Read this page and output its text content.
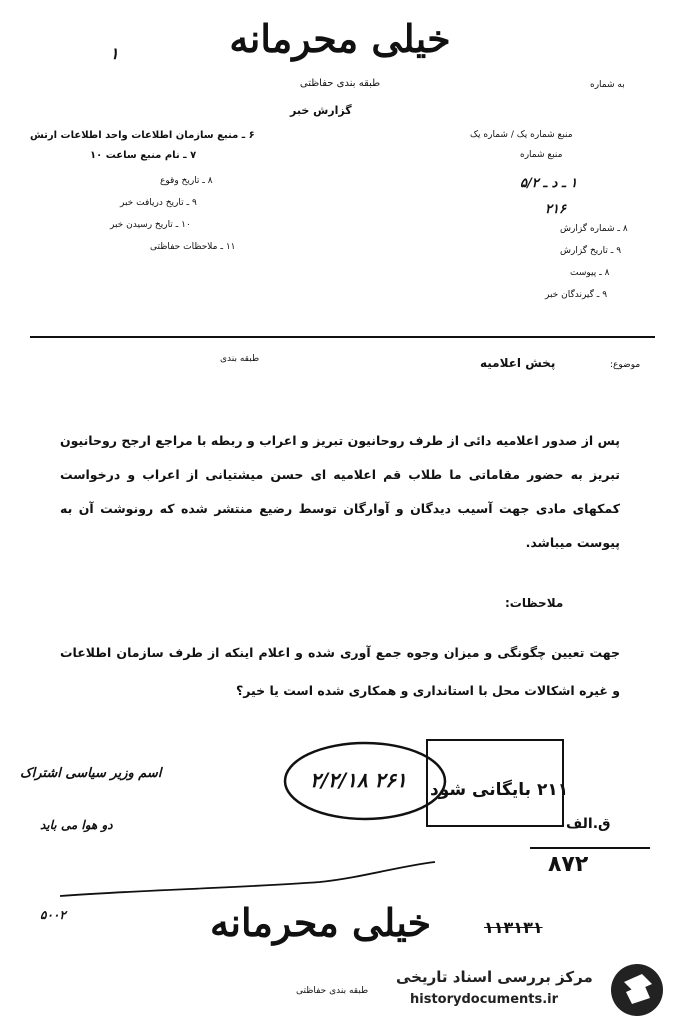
خیلی محرمانه
طبقه بندی حفاظتی
گزارش خبر
۱
به شماره
منبع شماره یک / شماره یک
منبع شماره
۱ ـ د ـ ۵/۲
۲۱۶
۸ ـ شماره گزارش
۹ ـ تاریخ گزارش
۸ ـ پیوست
۹ ـ گیرندگان خبر
۶ ـ منبع سازمان اطلاعات واحد اطلاعات ارتش
۷ ـ نام منبع ساعت ۱۰
۸ ـ تاریخ وقوع
۹ ـ تاریخ دریافت خبر
۱۰ ـ تاریخ رسیدن خبر
۱۱ ـ ملاحظات حفاظتی
موضوع:
پخش اعلامیه
طبقه بندی
پس از صدور اعلامیه دائی از طرف روحانیون تبریز و اعراب و ربطه با مراجع ارجح روحانیون تبریز به حضور مقاماتی ما طلاب قم اعلامیه ای حسن میشتیانی از اعراب و درخواست کمکهای مادی جهت آسیب دیدگان و آوارگان توسط رضیع منتشر شده که رونوشت آن به پیوست میباشد.
ملاحظات:
جهت تعیین چگونگی و میزان وجوه جمع آوری شده و اعلام اینکه از طرف سازمان اطلاعات و غیره اشکالات محل با استانداری و همکاری شده است یا خیر؟
اسم وزیر سیاسی اشتراک
دو هوا می باید
۲/۲/۱۸ ۲۶۱ ۲۱۱ بایگانی شود
ق.الف
۸۷۲
۵۰۰۲	خیلی محرمانه
طبقه بندی حفاظتی
۱۱۳۱۳۱
مرکز بررسی اسناد تاریخی
historydocuments.ir
